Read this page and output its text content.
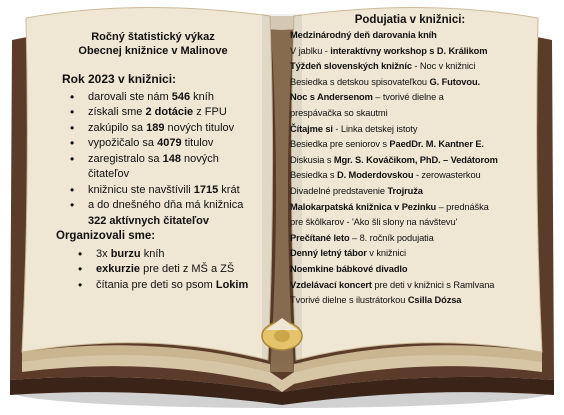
Ročný štatistický výkaz
Obecnej knižnice v Malinove
Rok 2023 v knižnici:
• darovali ste nám 546 kníh
• získali sme 2 dotácie z FPU
• zakúpilo sa 189 nových titulov
• vypožičalo sa 4079 titulov
• zaregistralo sa 148 nových čitateľov
• knižnicu ste navštívili 1715 krát
• a do dnešného dňa má knižnica 322 aktívnych čitateľov
Organizovali sme:
• 3x burzu kníh
• exkurzie pre deti z MŠ a ZŠ
• čítania pre deti so psom Lokim
Podujatia v knižnici:
Medzinárodný deň darovania kníh
V jablku - interaktívny workshop s D. Králikom
Týždeň slovenských knižníc - Noc v knižnici
Besiedka s detskou spisovateľkou G. Futovou.
Noc s Andersenom – tvorivé dielne a
prespávačka so skautmi
Čítajme si - Linka detskej istoty
Besiedka pre seniorov s PaedDr. M. Kantner E.
Diskusia s Mgr. S. Kováčikom, PhD. – Vedátorom
Besiedka s D. Moderdovskou - zerowasterkou
Divadelné predstavenie Trojruža
Malokarpatská knižnica v Pezinku – prednáška
pre škôlkarov - 'Ako šli slony na návštevu'
Prečítané leto – 8. ročník podujatia
Denný letný tábor v knižnici
Noemkine bábkové divadlo
Vzdelávací koncert pre deti v knižnici s Ramlvana
Tvorivé dielne s ilustrátorkou Csilla Dózsa
